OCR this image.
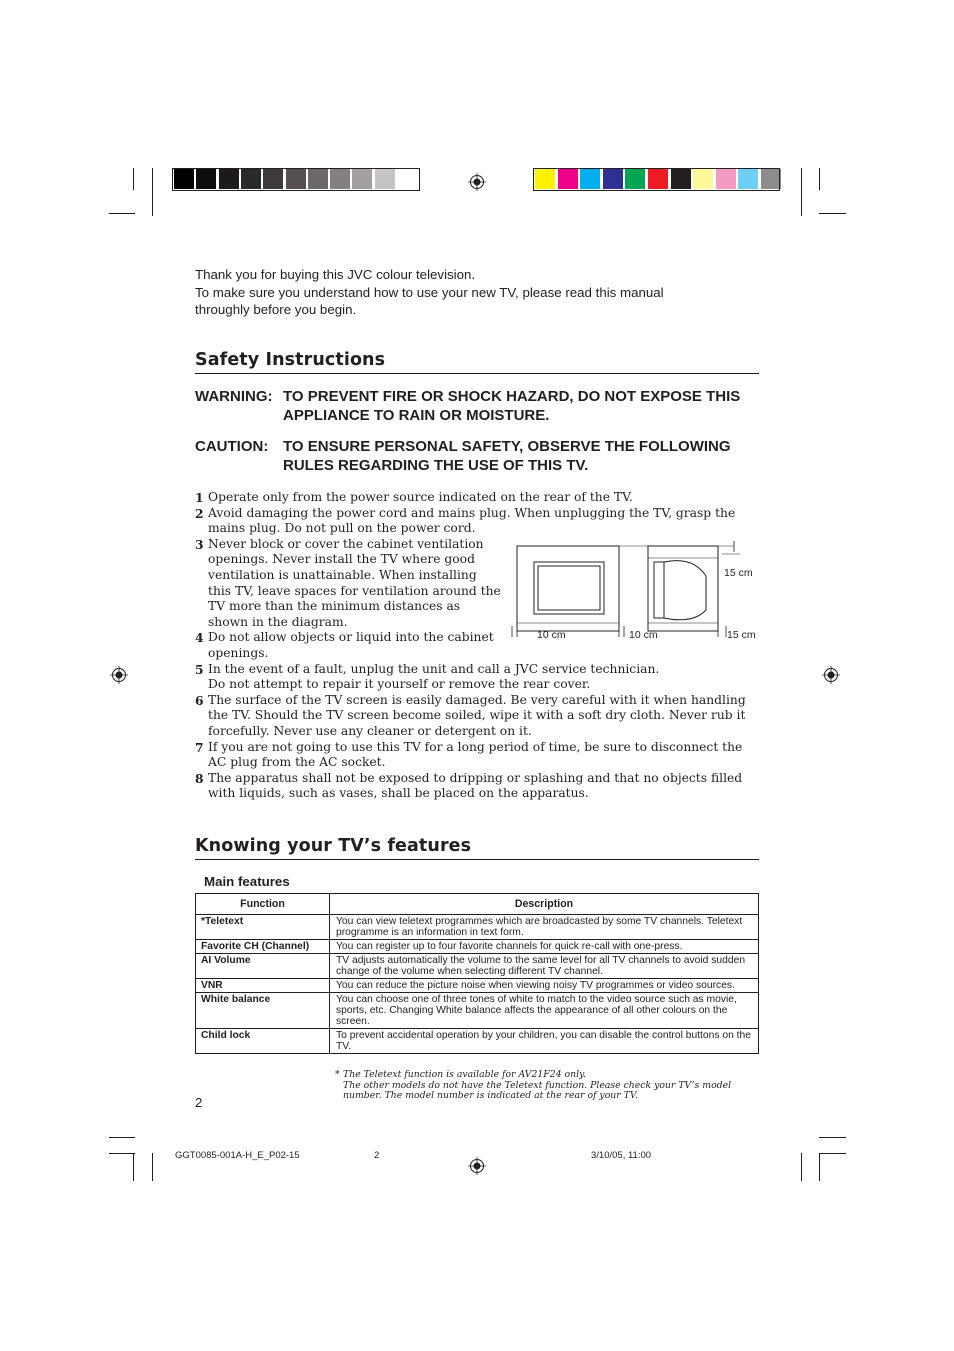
Thank you for buying this JVC colour television.

To make sure you understand how to use your new TV, please read this manual

throughly before you begin.

Safety Instructions
WARNING: TO PREVENT FIRE OR SHOCK HAZARD, DO NOT EXPOSE THIS
APPLIANCE TO RAIN OR MOISTURE.
CAUTION: TO ENSURE PERSONAL SAFETY, OBSERVE THE FOLLOWING
RULES REGARDING THE USE OF THIS TV.
1 Operate only from the power source indicated on the rear of the TV.
2 Avoid damaging the power cord and mains plug. When unplugging the TV, grasp the
mains plug. Do not pull on the power cord.
3 Never block or cover the cabinet ventilation
openings. Never install the TV where good
ventilation is unattainable. When installing
this TV, leave spaces for ventilation around the
TV more than the minimum distances as
shown in the diagram.
4 Do not allow objects or liquid into the cabinet
openings.
5 In the event of a fault, unplug the unit and call a JVC service technician.
Do not attempt to repair it yourself or remove the rear cover.
6 The surface of the TV screen is easily damaged. Be very careful with it when handling
the TV. Should the TV screen become soiled, wipe it with a soft dry cloth. Never rub it
forcefully. Never use any cleaner or detergent on it.
7 If you are not going to use this TV for a long period of time, be sure to disconnect the
AC plug from the AC socket.
8 The apparatus shall not be exposed to dripping or splashing and that no objects filled
with liquids, such as vases, shall be placed on the apparatus.
10 cm	10 cm	15 cm
15 cm
Knowing your TV’s features
Main features
Function	Description
*Teletext	You can view teletext programmes which are broadcasted by some TV channels. Teletext programme is an information in text form.
Favorite CH (Channel)	You can register up to four favorite channels for quick re-call with one-press.
AI Volume	TV adjusts automatically the volume to the same level for all TV channels to avoid sudden change of the volume when selecting different TV channel.
VNR	You can reduce the picture noise when viewing noisy TV programmes or video sources.
White balance	You can choose one of three tones of white to match to the video source such as movie, sports, etc. Changing White balance affects the appearance of all other colours on the screen.
Child lock	To prevent accidental operation by your children, you can disable the control buttons on the TV.
* The Teletext function is available for AV21F24 only.
The other models do not have the Teletext function. Please check your TV’s model
number. The model number is indicated at the rear of your TV.
2
GGT0085-001A-H_E_P02-15	2	3/10/05, 11:00
